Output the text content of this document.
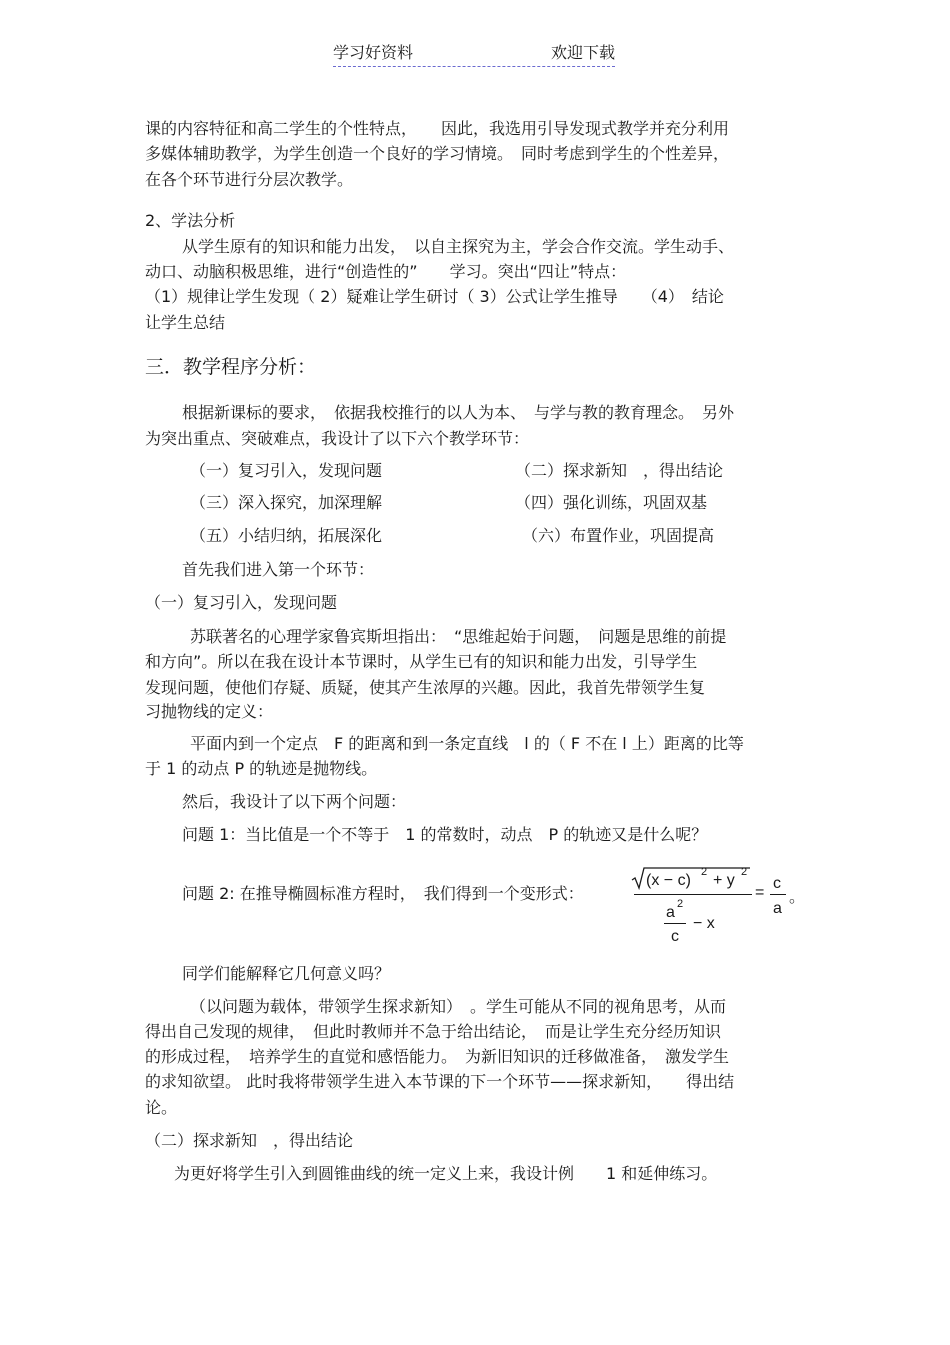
学习好资料	欢迎下载
课的内容特征和高二学生的个性特点，　　因此，我选用引导发现式教学并充分利用
多媒体辅助教学，为学生创造一个良好的学习情境。　同时考虑到学生的个性差异，
在各个环节进行分层次教学。
2、学法分析
从学生原有的知识和能力出发，　以自主探究为主，学会合作交流。学生动手、
动口、动脑积极思维，进行“创造性的”　　学习。突出“四让”特点：
（1）规律让学生发现（ 2）疑难让学生研讨（ 3）公式让学生推导　　（4）　结论
让学生总结
三．教学程序分析：
根据新课标的要求，　依据我校推行的以人为本、　与学与教的教育理念。　另外
为突出重点、突破难点，我设计了以下六个教学环节：
（一）复习引入，发现问题	（二）探求新知　，得出结论
（三）深入探究，加深理解	（四）强化训练，巩固双基
（五）小结归纳，拓展深化	（六）布置作业，巩固提高
首先我们进入第一个环节：
（一）复习引入，发现问题
苏联著名的心理学家鲁宾斯坦指出：　“思维起始于问题，　问题是思维的前提
和方向”。所以在我在设计本节课时，从学生已有的知识和能力出发，引导学生
发现问题，使他们存疑、质疑，使其产生浓厚的兴趣。因此，我首先带领学生复
习抛物线的定义：
平面内到一个定点　F 的距离和到一条定直线　l 的（ F 不在 l 上）距离的比等
于 1 的动点 P 的轨迹是抛物线。
然后，我设计了以下两个问题：
问题 1：当比值是一个不等于　1 的常数时，动点　P 的轨迹又是什么呢？
问题 2: 在推导椭圆标准方程时，　我们得到一个变形式：
(x − c) 2 + y 2
a 2
c
− x
=
c
a
。
同学们能解释它几何意义吗？
（以问题为载体，带领学生探求新知）　。学生可能从不同的视角思考，从而
得出自己发现的规律，　但此时教师并不急于给出结论，　而是让学生充分经历知识
的形成过程，　培养学生的直觉和感悟能力。　为新旧知识的迁移做准备，　激发学生
的求知欲望。 此时我将带领学生进入本节课的下一个环节——探求新知，　　得出结
论。
（二）探求新知　，得出结论
为更好将学生引入到圆锥曲线的统一定义上来，我设计例　　1 和延伸练习。
